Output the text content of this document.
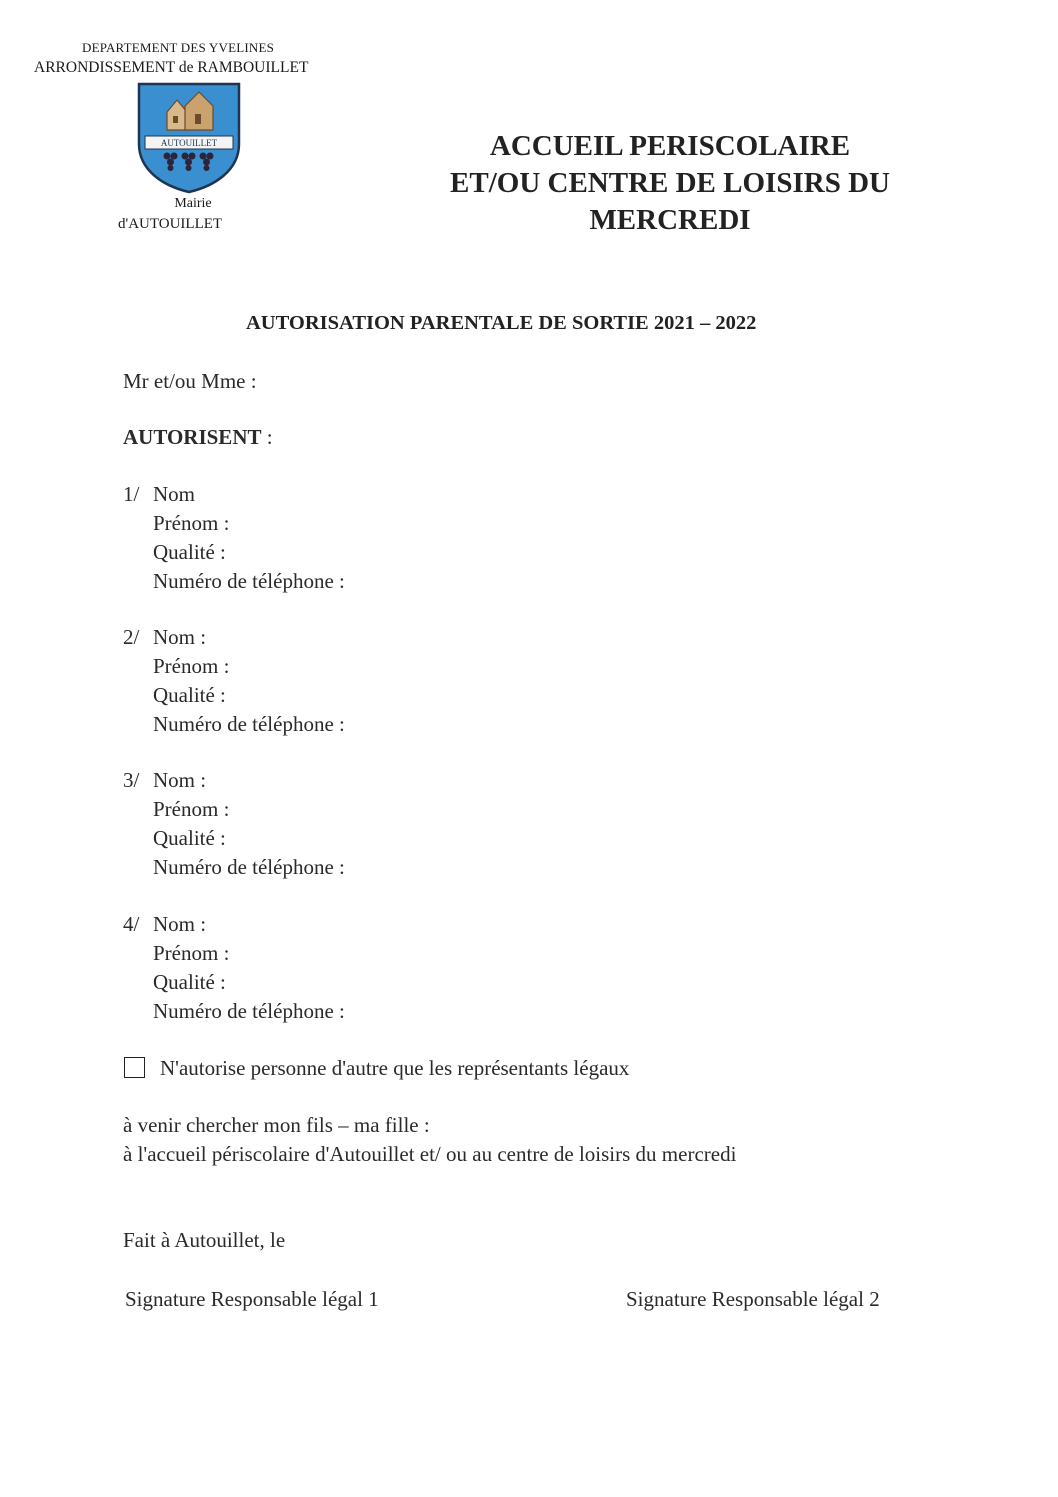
DEPARTEMENT DES YVELINES
ARRONDISSEMENT de RAMBOUILLET
AUTOUILLET
Mairie
d'AUTOUILLET
ACCUEIL PERISCOLAIRE
ET/OU CENTRE DE LOISIRS DU
MERCREDI
AUTORISATION PARENTALE DE SORTIE 2021 – 2022
Mr et/ou Mme :
AUTORISENT :
1/ Nom
Prénom :
Qualité :
Numéro de téléphone :
2/ Nom :
Prénom :
Qualité :
Numéro de téléphone :
3/ Nom :
Prénom :
Qualité :
Numéro de téléphone :
4/ Nom :
Prénom :
Qualité :
Numéro de téléphone :
N'autorise personne d'autre que les représentants légaux
à venir chercher mon fils – ma fille :
à l'accueil périscolaire d'Autouillet et/ ou au centre de loisirs du mercredi
Fait à Autouillet, le
Signature Responsable légal 1	Signature Responsable légal 2
